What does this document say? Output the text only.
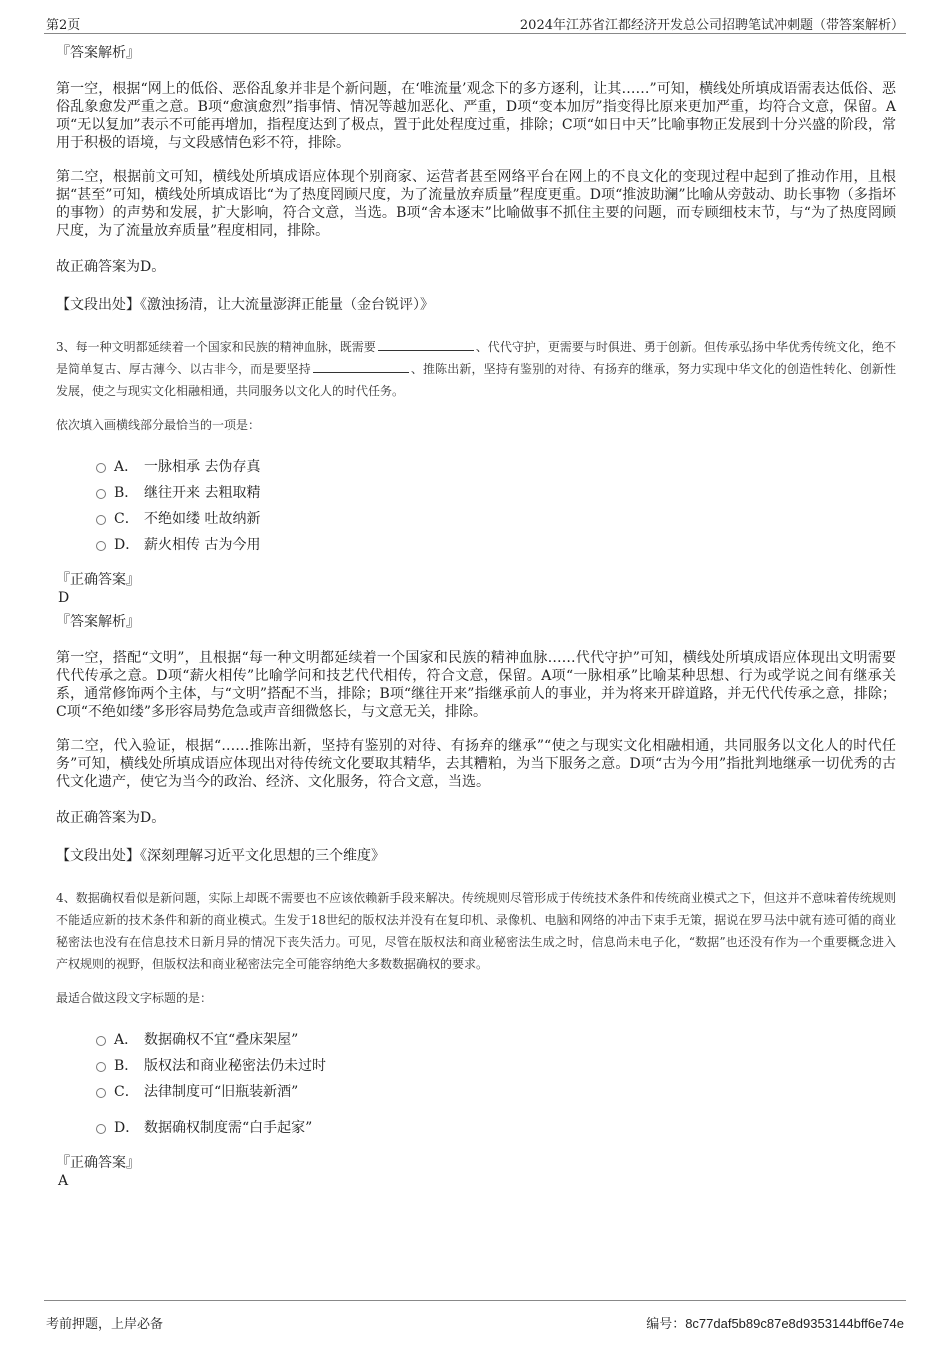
第2页	2024年江苏省江都经济开发总公司招聘笔试冲刺题（带答案解析）
『答案解析』

第一空，根据“网上的低俗、恶俗乱象并非是个新问题，在‘唯流量’观念下的多方逐利，让其……”可知，横线处所填成语需表达低俗、恶俗乱象愈发严重之意。B项“愈演愈烈”指事情、情况等越加恶化、严重，D项“变本加厉”指变得比原来更加严重，均符合文意，保留。A项“无以复加”表示不可能再增加，指程度达到了极点，置于此处程度过重，排除；C项“如日中天”比喻事物正发展到十分兴盛的阶段，常用于积极的语境，与文段感情色彩不符，排除。

第二空，根据前文可知，横线处所填成语应体现个别商家、运营者甚至网络平台在网上的不良文化的变现过程中起到了推动作用，且根据“甚至”可知，横线处所填成语比“为了热度罔顾尺度，为了流量放弃质量”程度更重。D项“推波助澜”比喻从旁鼓动、助长事物（多指坏的事物）的声势和发展，扩大影响，符合文意，当选。B项“舍本逐末”比喻做事不抓住主要的问题，而专顾细枝末节，与“为了热度罔顾尺度，为了流量放弃质量”程度相同，排除。

故正确答案为D。
【文段出处】《激浊扬清，让大流量澎湃正能量（金台锐评）》

3、每一种文明都延续着一个国家和民族的精神血脉，既需要	、代代守护，更需要与时俱进、勇于创新。但传承弘扬中华优秀传统文化，绝不是简单复古、厚古薄今、以古非今，而是要坚持	、推陈出新，坚持有鉴别的对待、有扬弃的继承，努力实现中华文化的创造性转化、创新性发展，使之与现实文化相融相通，共同服务以文化人的时代任务。

依次填入画横线部分最恰当的一项是：
A． 一脉相承 去伪存真
B． 继往开来 去粗取精
C． 不绝如缕 吐故纳新
D． 薪火相传 古为今用
『正确答案』
D
『答案解析』

第一空，搭配“文明”，且根据“每一种文明都延续着一个国家和民族的精神血脉……代代守护”可知，横线处所填成语应体现出文明需要代代传承之意。D项“薪火相传”比喻学问和技艺代代相传，符合文意，保留。A项“一脉相承”比喻某种思想、行为或学说之间有继承关系，通常修饰两个主体，与“文明”搭配不当，排除；B项“继往开来”指继承前人的事业，并为将来开辟道路，并无代代传承之意，排除；C项“不绝如缕”多形容局势危急或声音细微悠长，与文意无关，排除。

第二空，代入验证，根据“……推陈出新，坚持有鉴别的对待、有扬弃的继承”“使之与现实文化相融相通，共同服务以文化人的时代任务”可知，横线处所填成语应体现出对待传统文化要取其精华，去其糟粕，为当下服务之意。D项“古为今用”指批判地继承一切优秀的古代文化遗产，使它为当今的政治、经济、文化服务，符合文意，当选。

故正确答案为D。
【文段出处】《深刻理解习近平文化思想的三个维度》

4、数据确权看似是新问题，实际上却既不需要也不应该依赖新手段来解决。传统规则尽管形成于传统技术条件和传统商业模式之下，但这并不意味着传统规则不能适应新的技术条件和新的商业模式。生发于18世纪的版权法并没有在复印机、录像机、电脑和网络的冲击下束手无策，据说在罗马法中就有迹可循的商业秘密法也没有在信息技术日新月异的情况下丧失活力。可见，尽管在版权法和商业秘密法生成之时，信息尚未电子化，“数据”也还没有作为一个重要概念进入产权规则的视野，但版权法和商业秘密法完全可能容纳绝大多数数据确权的要求。

最适合做这段文字标题的是：
A． 数据确权不宜“叠床架屋”
B． 版权法和商业秘密法仍未过时
C． 法律制度可“旧瓶装新酒”
D． 数据确权制度需“白手起家”
『正确答案』
A
考前押题，上岸必备	编号：8c77daf5b89c87e8d9353144bff6e74e
